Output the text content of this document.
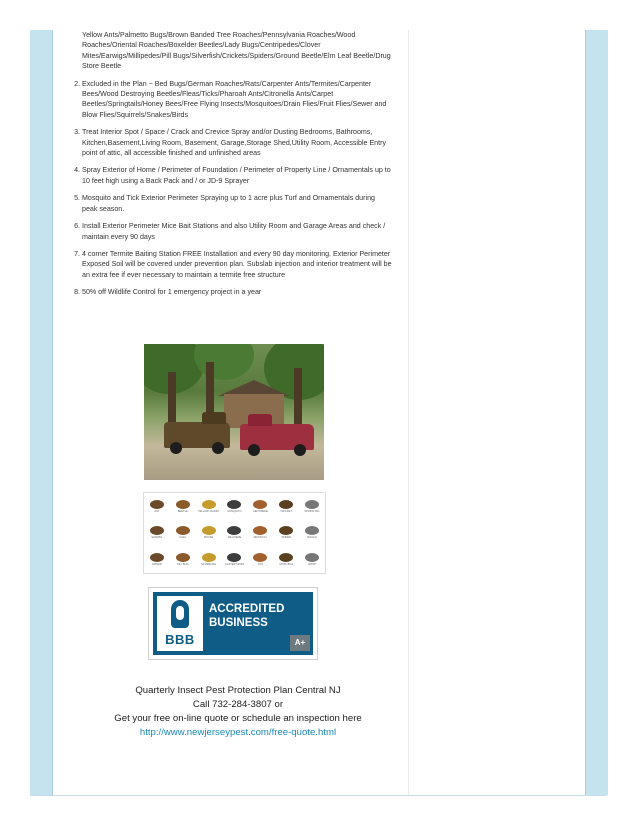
Yellow Ants/Palmetto Bugs/Brown Banded Tree Roaches/Pennsylvania Roaches/Wood Roaches/Oriental Roaches/Boxelder Beetles/Lady Bugs/Centripedes/Clover Mites/Earwigs/Millipedes/Pill Bugs/Silverfish/Crickets/Spiders/Ground Beetle/Elm Leaf Beetle/Drug Store Beetle

2. Excluded in the Plan − Bed Bugs/German Roaches/Rats/Carpenter Ants/Termites/Carpenter Bees/Wood Destroying Beetles/Fleas/Ticks/Pharoah Ants/Citronella Ants/Carpet Beetles/Springtails/Honey Bees/Free Flying Insects/Mosquitoes/Drain Flies/Fruit Flies/Sewer and Blow Flies/Squirrels/Snakes/Birds
3. Treat Interior Spot / Space / Crack and Crevice Spray and/or Dusting Bedrooms, Bathrooms, Kitchen,Basement,Living Room, Basement, Garage,Storage Shed,Utility Room, Accessible Entry point of attic, all accessible finished and unfinished areas
4. Spray Exterior of Home / Perimeter of Foundation / Perimeter of Property Line / Ornamentals up to 10 feet high using a Back Pack and / or JD-9 Sprayer
5. Mosquito and Tick Exterior Perimeter Spraying up to 1 acre plus Turf and Ornamentals during peak season.
6. Install Exterior Perimeter Mice Bait Stations and also Utility Room and Garage Areas and check / maintain every 90 days
7. 4 corner Termite Baiting Station FREE Installation and every 90 day monitoring. Exterior Perimeter Exposed Soil will be covered under prevention plan. Subslab injection and interior treatment will be an extra fee if ever necessary to maintain a termite free structure
8. 50% off Wildlife Control for 1 emergency project in a year
ANT	BEETLE	YELLOW JACKET	MOSQUITO	CENTIPEDE	CRICKET	SPRINGTAIL
EARWIG	FLEA	MOUSE	MILLIPEDE	DRAIN FLY	SPIDER	ROACH
SPIDER	PILL BUG	SILVERFISH	CLOVER MITES	TICK	STINK BUG	WASP
BBB
ACCREDITED
BUSINESS
A+
Quarterly Insect Pest Protection Plan Central NJ
Call 732-284-3807 or
Get your free on-line quote or schedule an inspection here
http://www.newjerseypest.com/free-quote.html
